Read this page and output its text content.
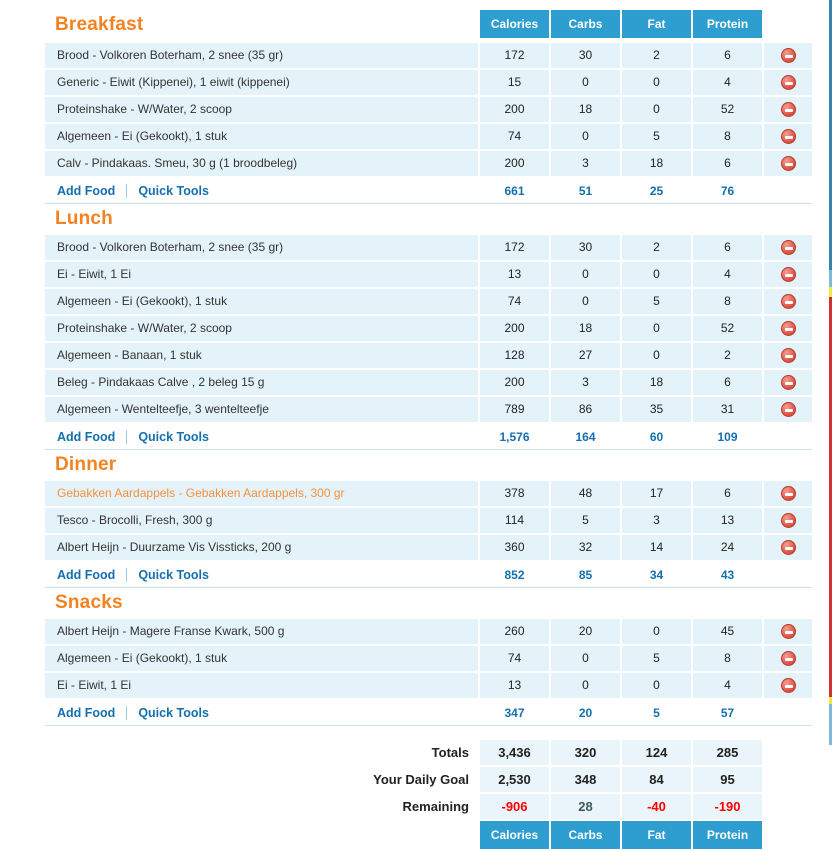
Breakfast	Calories	Carbs	Fat	Protein
Brood - Volkoren Boterham, 2 snee (35 gr)	172	30	2	6
Generic - Eiwit (Kippenei), 1 eiwit (kippenei)	15	0	0	4
Proteinshake - W/Water, 2 scoop	200	18	0	52
Algemeen - Ei (Gekookt), 1 stuk	74	0	5	8
Calv - Pindakaas. Smeu, 30 g (1 broodbeleg)	200	3	18	6
Add Food Quick Tools	661	51	25	76
Lunch
Brood - Volkoren Boterham, 2 snee (35 gr)	172	30	2	6
Ei - Eiwit, 1 Ei	13	0	0	4
Algemeen - Ei (Gekookt), 1 stuk	74	0	5	8
Proteinshake - W/Water, 2 scoop	200	18	0	52
Algemeen - Banaan, 1 stuk	128	27	0	2
Beleg - Pindakaas Calve , 2 beleg 15 g	200	3	18	6
Algemeen - Wentelteefje, 3 wentelteefje	789	86	35	31
Add Food Quick Tools	1,576	164	60	109
Dinner
Gebakken Aardappels - Gebakken Aardappels, 300 gr	378	48	17	6
Tesco - Brocolli, Fresh, 300 g	114	5	3	13
Albert Heijn - Duurzame Vis Vissticks, 200 g	360	32	14	24
Add Food Quick Tools	852	85	34	43
Snacks
Albert Heijn - Magere Franse Kwark, 500 g	260	20	0	45
Algemeen - Ei (Gekookt), 1 stuk	74	0	5	8
Ei - Eiwit, 1 Ei	13	0	0	4
Add Food Quick Tools	347	20	5	57
Totals	3,436	320	124	285
Your Daily Goal	2,530	348	84	95
Remaining	-906	28	-40	-190
Calories	Carbs	Fat	Protein
